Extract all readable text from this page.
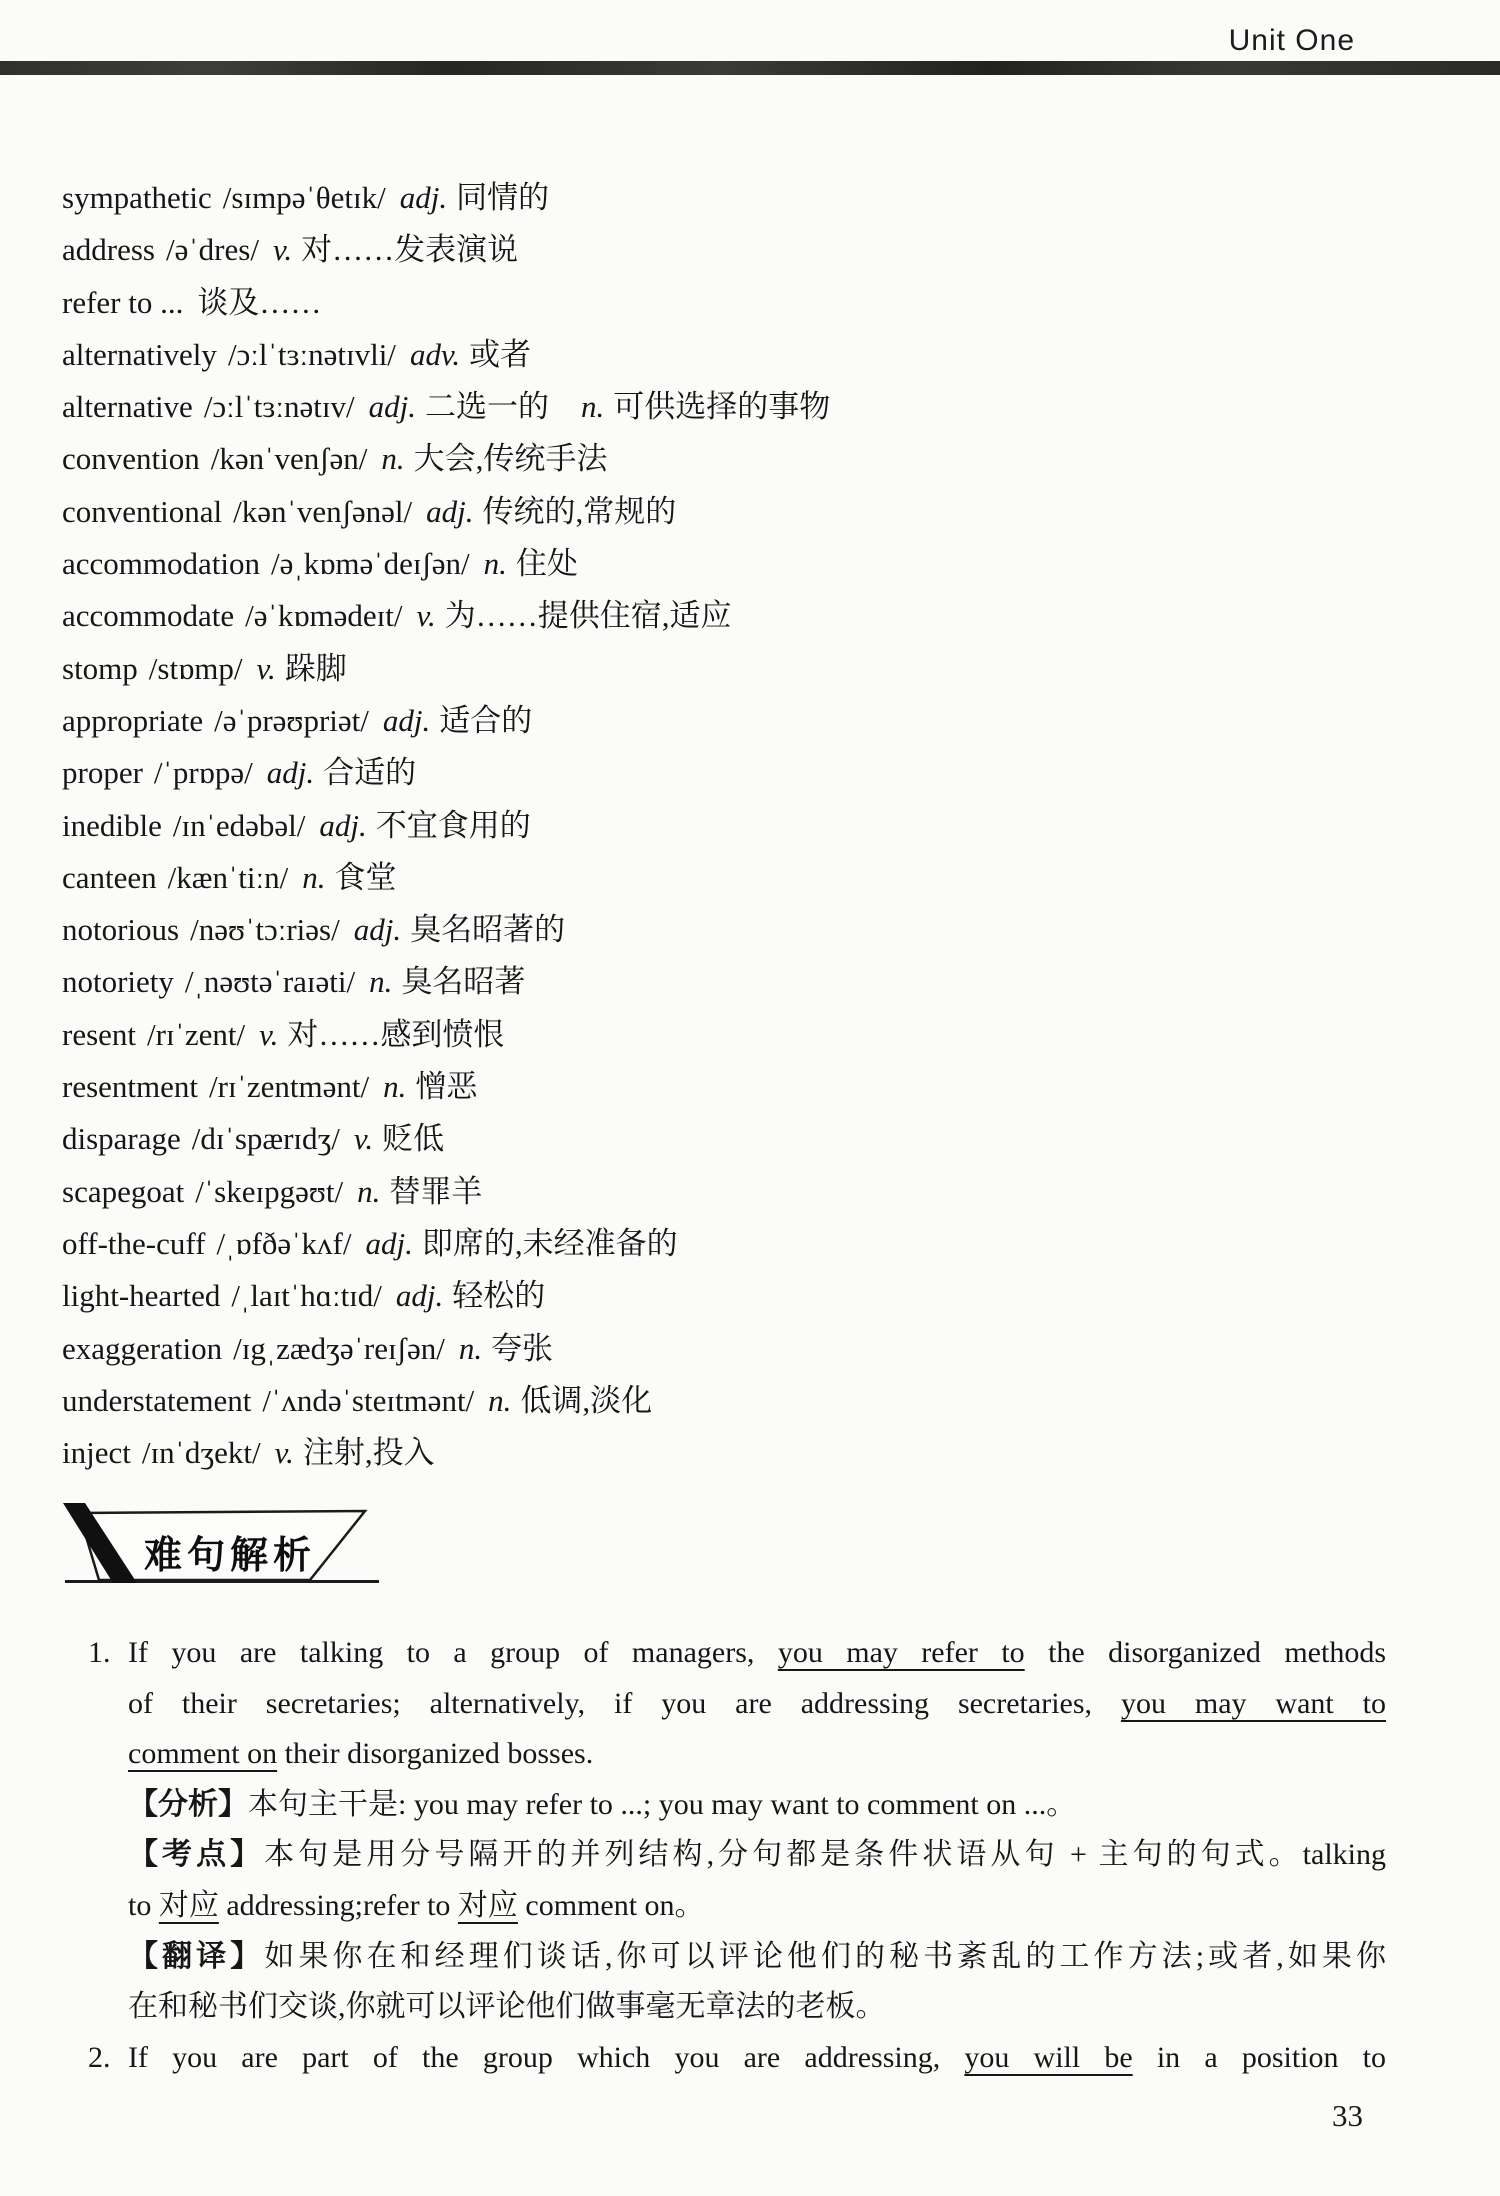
Unit One
sympathetic /sɪmpəˈθetɪk/ adj. 同情的
address /əˈdres/ v. 对……发表演说
refer to ... 谈及……
alternatively /ɔːlˈtɜːnətɪvli/ adv. 或者
alternative /ɔːlˈtɜːnətɪv/ adj. 二选一的 n. 可供选择的事物
convention /kənˈvenʃən/ n. 大会,传统手法
conventional /kənˈvenʃənəl/ adj. 传统的,常规的
accommodation /əˌkɒməˈdeɪʃən/ n. 住处
accommodate /əˈkɒmədeɪt/ v. 为……提供住宿,适应
stomp /stɒmp/ v. 跺脚
appropriate /əˈprəʊpriət/ adj. 适合的
proper /ˈprɒpə/ adj. 合适的
inedible /ɪnˈedəbəl/ adj. 不宜食用的
canteen /kænˈtiːn/ n. 食堂
notorious /nəʊˈtɔːriəs/ adj. 臭名昭著的
notoriety /ˌnəʊtəˈraɪəti/ n. 臭名昭著
resent /rɪˈzent/ v. 对……感到愤恨
resentment /rɪˈzentmənt/ n. 憎恶
disparage /dɪˈspærɪdʒ/ v. 贬低
scapegoat /ˈskeɪpgəʊt/ n. 替罪羊
off-the-cuff /ˌɒfðəˈkʌf/ adj. 即席的,未经准备的
light-hearted /ˌlaɪtˈhɑːtɪd/ adj. 轻松的
exaggeration /ɪgˌzædʒəˈreɪʃən/ n. 夸张
understatement /ˈʌndəˈsteɪtmənt/ n. 低调,淡化
inject /ɪnˈdʒekt/ v. 注射,投入
难句解析
1. If you are talking to a group of managers, you may refer to the disorganized methods
of their secretaries; alternatively, if you are addressing secretaries, you may want to
comment on their disorganized bosses.
【分析】本句主干是: you may refer to ...; you may want to comment on ...。
【考点】本句是用分号隔开的并列结构,分句都是条件状语从句 + 主句的句式。talking
to 对应 addressing;refer to 对应 comment on。
【翻译】如果你在和经理们谈话,你可以评论他们的秘书紊乱的工作方法;或者,如果你
在和秘书们交谈,你就可以评论他们做事毫无章法的老板。
2. If you are part of the group which you are addressing, you will be in a position to
33
